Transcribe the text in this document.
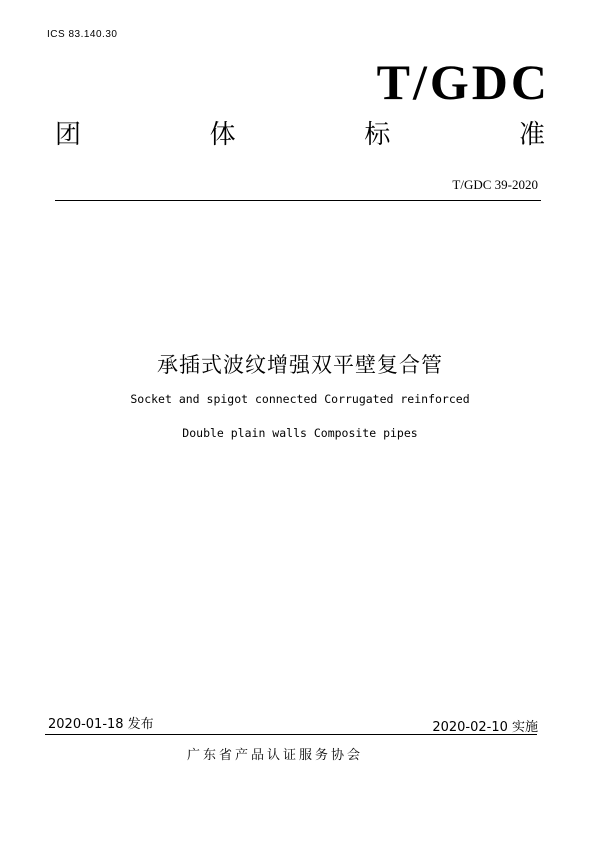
ICS 83.140.30
T/GDC
团	体	标	准
T/GDC 39-2020
承插式波纹增强双平壁复合管
Socket and spigot connected Corrugated reinforced
Double plain walls Composite pipes
2020-01-18 发布	2020-02-10 实施
广东省产品认证服务协会
